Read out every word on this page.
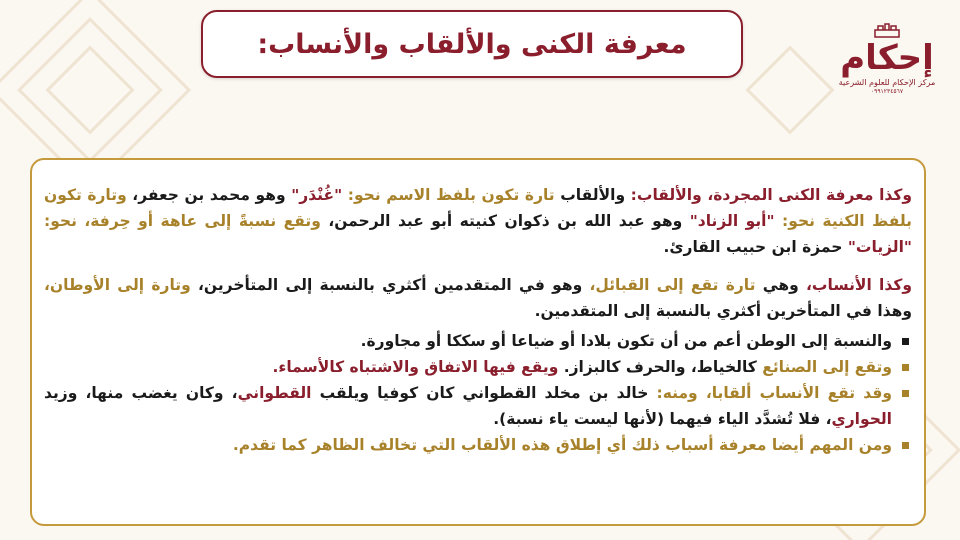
معرفة الكنى والألقاب والأنساب:	إحكام
مركز الإحكام للعلوم الشرعية
٠٩٩١٢٣٤٥٦٧

وكذا معرفة الكنى المجردة، والألقاب: والألقاب تارة تكون بلفظ الاسم نحو: "غُنْدَر" وهو محمد بن جعفر، وتارة تكون بلفظ الكنية نحو: "أبو الزناد" وهو عبد الله بن ذكوان كنيته أبو عبد الرحمن، وتقع نسبةً إلى عاهة أو حِرفة، نحو: "الزيات" حمزة ابن حبيب القارئ.

وكذا الأنساب، وهي تارة تقع إلى القبائل، وهو في المتقدمين أكثري بالنسبة إلى المتأخرين، وتارة إلى الأوطان، وهذا في المتأخرين أكثري بالنسبة إلى المتقدمين.

والنسبة إلى الوطن أعم من أن تكون بلادا أو ضياعا أو سككا أو مجاورة.
وتقع إلى الصنائع كالخياط، والحرف كالبزاز. ويقع فيها الاتفاق والاشتباه كالأسماء.
وقد تقع الأنساب ألقابا، ومنه: خالد بن مخلد القطواني كان كوفيا ويلقب القطواني، وكان يغضب منها، وزيد الحواري، فلا تُشدَّد الياء فيهما (لأنها ليست ياء نسبة).
ومن المهم أيضا معرفة أسباب ذلك أي إطلاق هذه الألقاب التي تخالف الظاهر كما تقدم.
